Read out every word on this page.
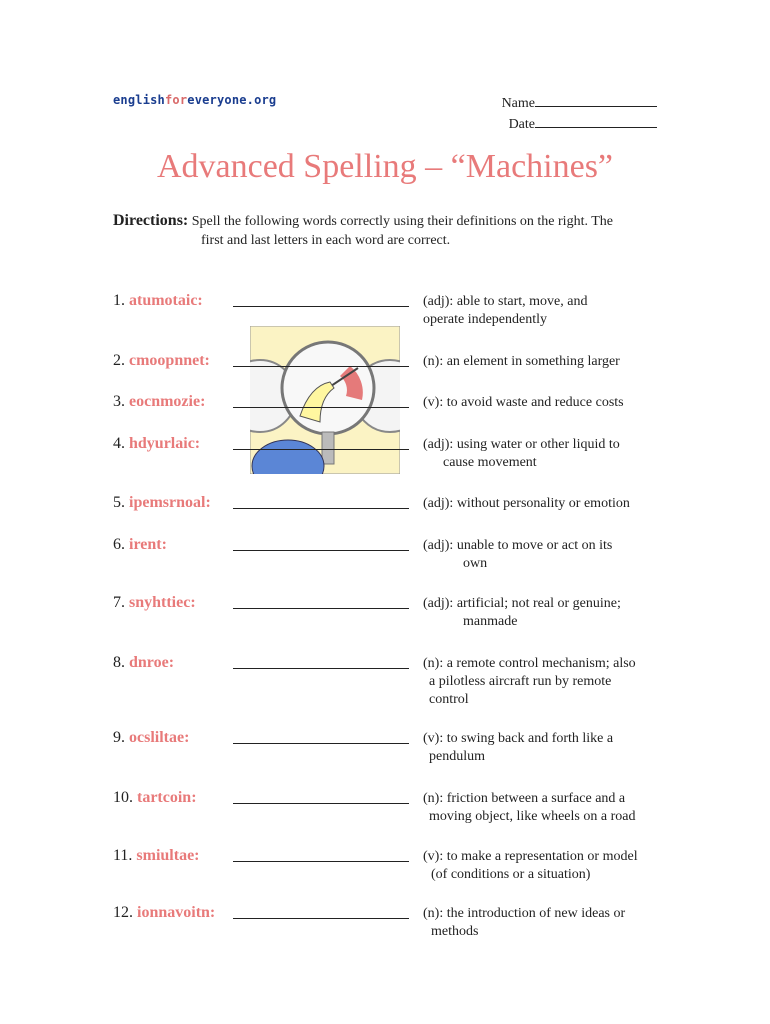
englishforeveryone.org	Name
Date
Advanced Spelling – “Machines”
Directions: Spell the following words correctly using their definitions on the right. The
first and last letters in each word are correct.
1. atumotaic:	(adj): able to start, move, and
operate independently
2. cmoopnnet:	(n): an element in something larger
3. eocnmozie:	(v): to avoid waste and reduce costs
4. hdyurlaic:	(adj): using water or other liquid to
cause movement
5. ipemsrnoal:	(adj): without personality or emotion
6. irent:	(adj): unable to move or act on its
own
7. snyhttiec:	(adj): artificial; not real or genuine;
manmade
8. dnroe:	(n): a remote control mechanism; also
a pilotless aircraft run by remote
control
9. ocsliltae:	(v): to swing back and forth like a
pendulum
10. tartcoin:	(n): friction between a surface and a
moving object, like wheels on a road
11. smiultae:	(v): to make a representation or model
(of conditions or a situation)
12. ionnavoitn:	(n): the introduction of new ideas or
methods
